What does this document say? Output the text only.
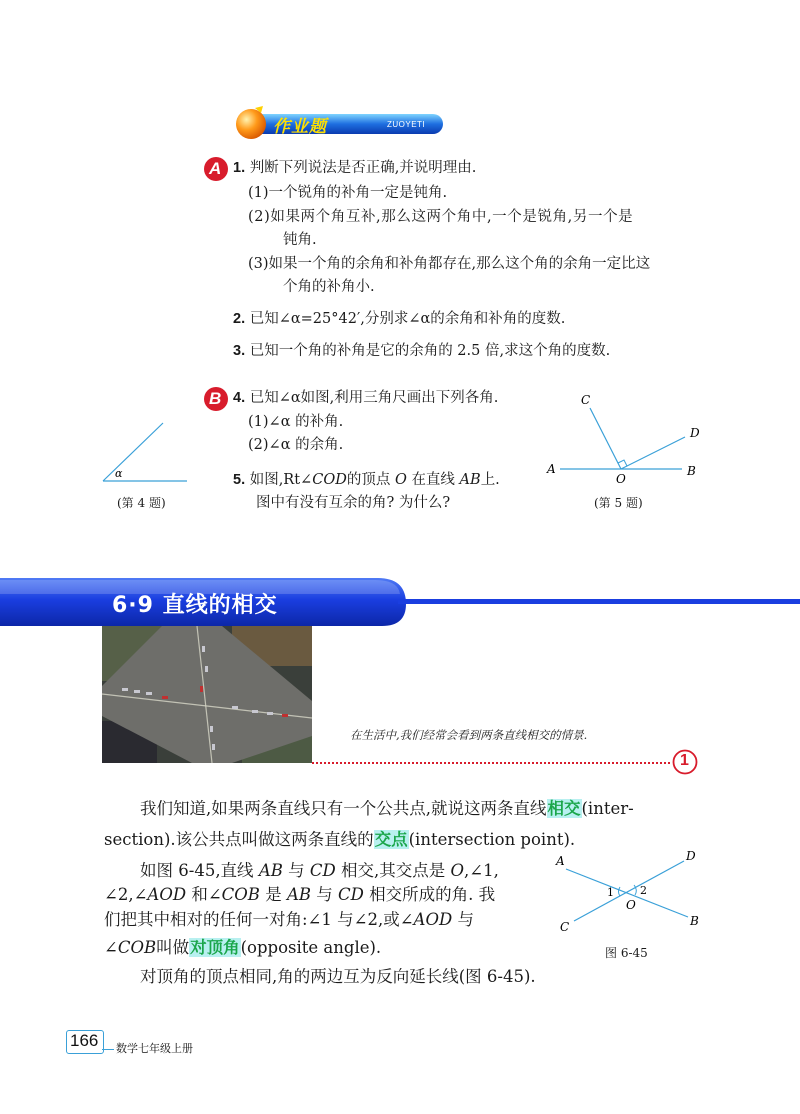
作业题	ZUOYETI
A 1. 判断下列说法是否正确,并说明理由.
(1)一个锐角的补角一定是钝角.
(2)如果两个角互补,那么这两个角中,一个是锐角,另一个是
钝角.
(3)如果一个角的余角和补角都存在,那么这个角的余角一定比这
个角的补角小.
2. 已知∠α=25°42′,分别求∠α的余角和补角的度数.
3. 已知一个角的补角是它的余角的 2.5 倍,求这个角的度数.
B 4. 已知∠α如图,利用三角尺画出下列各角.
(1)∠α 的补角.
(2)∠α 的余角.
5. 如图,Rt∠COD的顶点 O 在直线 AB上.
图中有没有互余的角? 为什么?
α
(第 4 题)
C
D
A	B
O
(第 5 题)
6·9 直线的相交
在生活中,我们经常会看到两条直线相交的情景.
1
我们知道,如果两条直线只有一个公共点,就说这两条直线相交(inter-
section).该公共点叫做这两条直线的交点(intersection point).
如图 6-45,直线 AB 与 CD 相交,其交点是 O,∠1,
∠2,∠AOD 和∠COB 是 AB 与 CD 相交所成的角. 我
们把其中相对的任何一对角:∠1 与∠2,或∠AOD 与
∠COB叫做对顶角(opposite angle).
对顶角的顶点相同,角的两边互为反向延长线(图 6-45).
A	D
C	B
O
1 2
图 6-45
166 数学七年级上册
